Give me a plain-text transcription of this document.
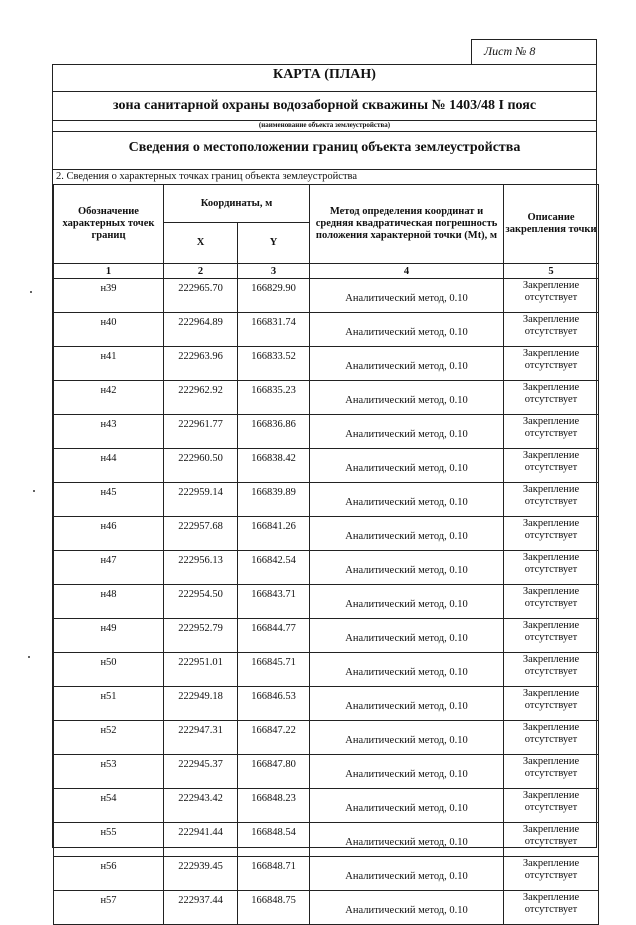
Лист № 8
КАРТА (ПЛАН)
зона санитарной охраны водозаборной скважины № 1403/48 I пояс
(наименование объекта землеустройства)
Сведения о местоположении границ объекта землеустройства
2. Сведения о характерных точках границ объекта землеустройства
Обозначение характерных точек границ	Координаты, м		Метод определения координат и средняя квадратическая погрешность положения характерной точки (Mt), м	Описание закрепления точки
	X	Y		
1	2	3	4	5
н39	222965.70	166829.90	Аналитический метод, 0.10	Закрепление отсутствует
н40	222964.89	166831.74	Аналитический метод, 0.10	Закрепление отсутствует
н41	222963.96	166833.52	Аналитический метод, 0.10	Закрепление отсутствует
н42	222962.92	166835.23	Аналитический метод, 0.10	Закрепление отсутствует
н43	222961.77	166836.86	Аналитический метод, 0.10	Закрепление отсутствует
н44	222960.50	166838.42	Аналитический метод, 0.10	Закрепление отсутствует
н45	222959.14	166839.89	Аналитический метод, 0.10	Закрепление отсутствует
н46	222957.68	166841.26	Аналитический метод, 0.10	Закрепление отсутствует
н47	222956.13	166842.54	Аналитический метод, 0.10	Закрепление отсутствует
н48	222954.50	166843.71	Аналитический метод, 0.10	Закрепление отсутствует
н49	222952.79	166844.77	Аналитический метод, 0.10	Закрепление отсутствует
н50	222951.01	166845.71	Аналитический метод, 0.10	Закрепление отсутствует
н51	222949.18	166846.53	Аналитический метод, 0.10	Закрепление отсутствует
н52	222947.31	166847.22	Аналитический метод, 0.10	Закрепление отсутствует
н53	222945.37	166847.80	Аналитический метод, 0.10	Закрепление отсутствует
н54	222943.42	166848.23	Аналитический метод, 0.10	Закрепление отсутствует
н55	222941.44	166848.54	Аналитический метод, 0.10	Закрепление отсутствует
н56	222939.45	166848.71	Аналитический метод, 0.10	Закрепление отсутствует
н57	222937.44	166848.75	Аналитический метод, 0.10	Закрепление отсутствует
